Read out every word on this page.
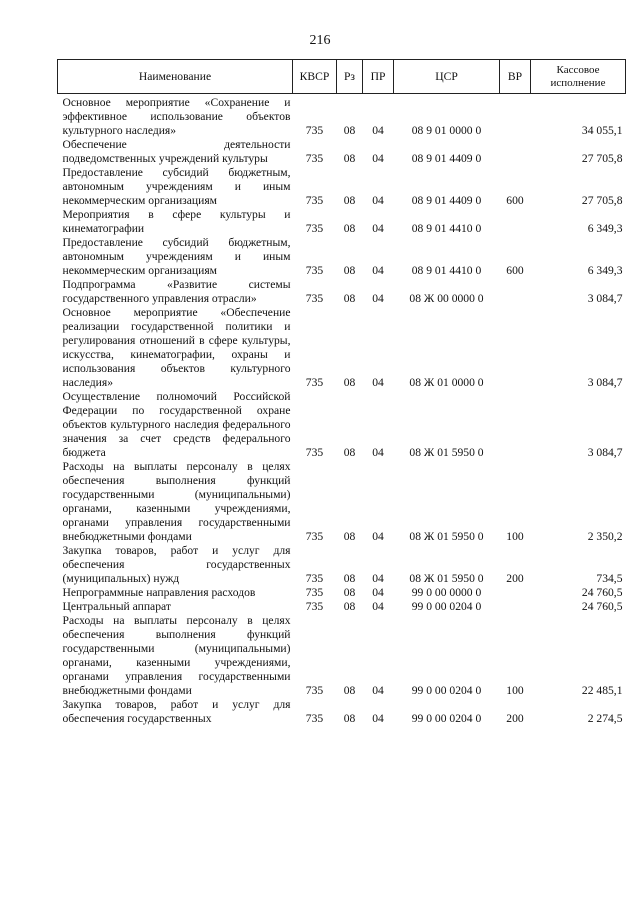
216
Наименование	КВСР	Рз	ПР	ЦСР	ВР	Кассовое исполнение
Основное мероприятие «Сохранение и эффективное использование объектов культурного наследия»	735	08	04	08 9 01 0000 0		34 055,1
Обеспечение деятельности подведомственных учреждений культуры	735	08	04	08 9 01 4409 0		27 705,8
Предоставление субсидий бюджетным, автономным учреждениям и иным некоммерческим организациям	735	08	04	08 9 01 4409 0	600	27 705,8
Мероприятия в сфере культуры и кинематографии	735	08	04	08 9 01 4410 0		6 349,3
Предоставление субсидий бюджетным, автономным учреждениям и иным некоммерческим организациям	735	08	04	08 9 01 4410 0	600	6 349,3
Подпрограмма «Развитие системы государственного управления отрасли»	735	08	04	08 Ж 00 0000 0		3 084,7
Основное мероприятие «Обеспечение реализации государственной политики и регулирования отношений в сфере культуры, искусства, кинематографии, охраны и использования объектов культурного наследия»	735	08	04	08 Ж 01 0000 0		3 084,7
Осуществление полномочий Российской Федерации по государственной охране объектов культурного наследия федерального значения за счет средств федерального бюджета	735	08	04	08 Ж 01 5950 0		3 084,7
Расходы на выплаты персоналу в целях обеспечения выполнения функций государственными (муниципальными) органами, казенными учреждениями, органами управления государственными внебюджетными фондами	735	08	04	08 Ж 01 5950 0	100	2 350,2
Закупка товаров, работ и услуг для обеспечения государственных (муниципальных) нужд	735	08	04	08 Ж 01 5950 0	200	734,5
Непрограммные направления расходов	735	08	04	99 0 00 0000 0		24 760,5
Центральный аппарат	735	08	04	99 0 00 0204 0		24 760,5
Расходы на выплаты персоналу в целях обеспечения выполнения функций государственными (муниципальными) органами, казенными учреждениями, органами управления государственными внебюджетными фондами	735	08	04	99 0 00 0204 0	100	22 485,1
Закупка товаров, работ и услуг для обеспечения государственных	735	08	04	99 0 00 0204 0	200	2 274,5
